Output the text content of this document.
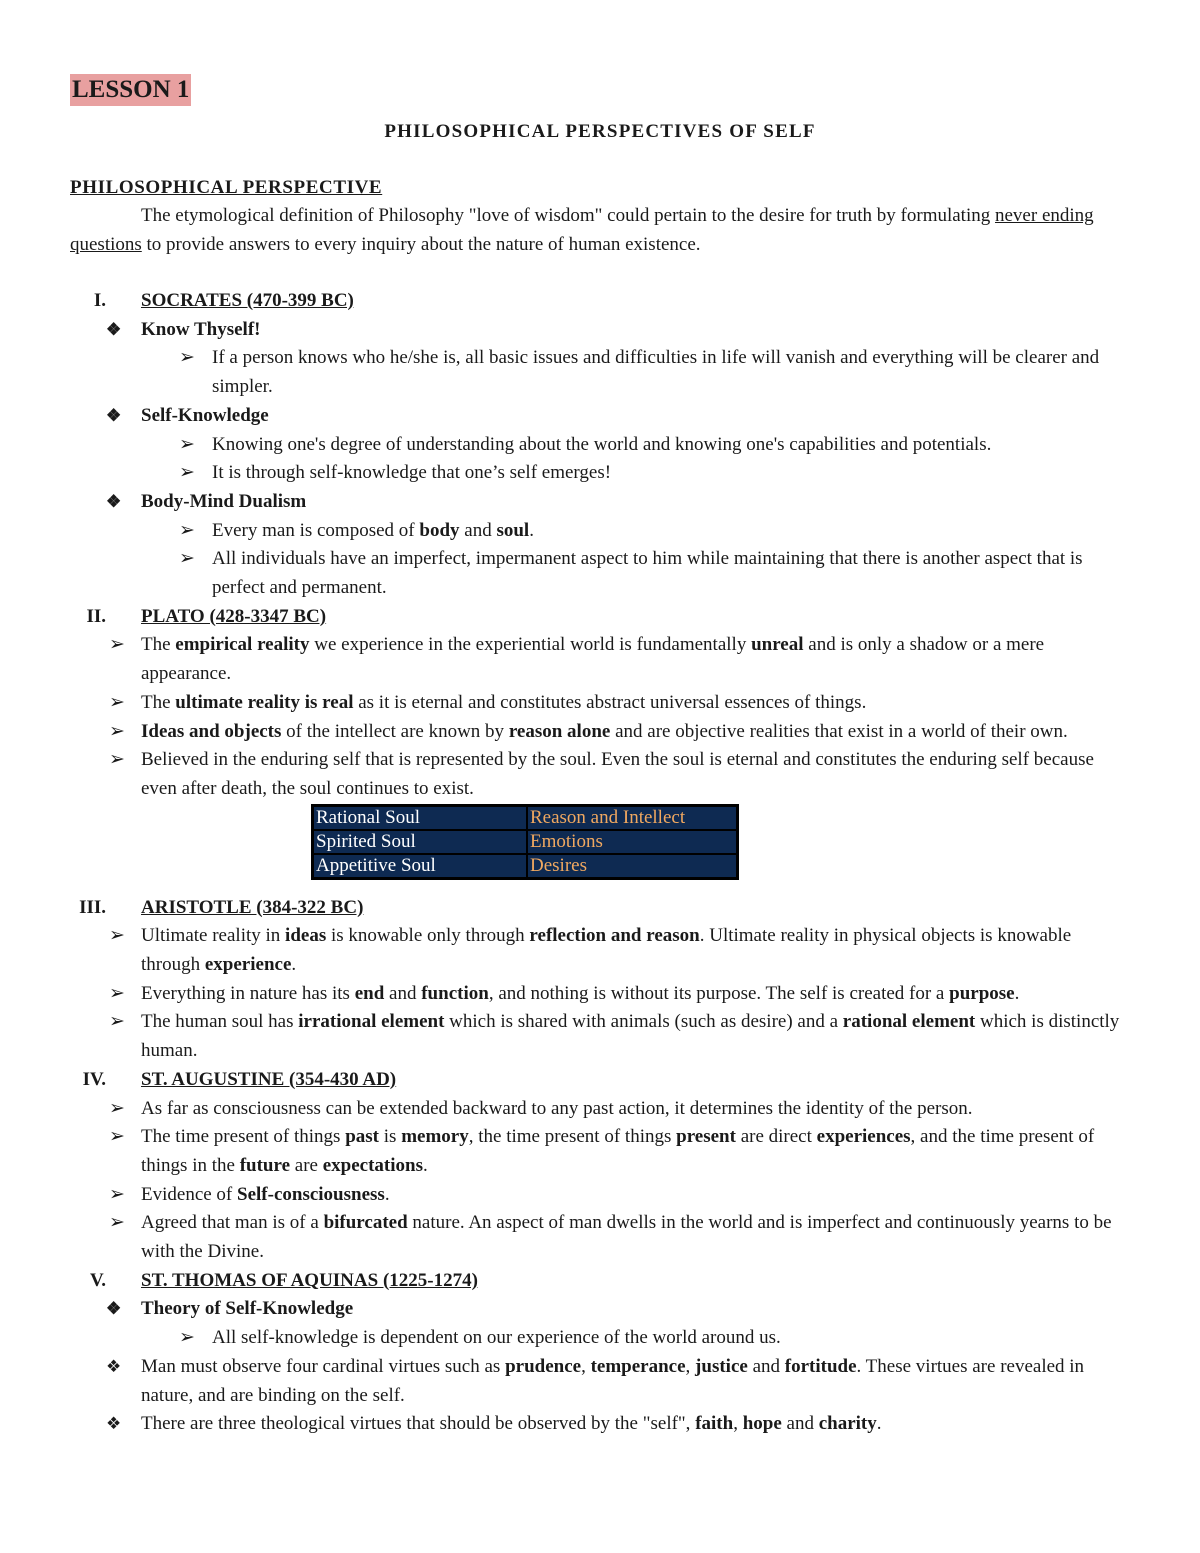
LESSON 1
PHILOSOPHICAL PERSPECTIVES OF SELF
PHILOSOPHICAL PERSPECTIVE
The etymological definition of Philosophy "love of wisdom" could pertain to the desire for truth by formulating never ending questions to provide answers to every inquiry about the nature of human existence.
I. SOCRATES (470-399 BC)
❖ Know Thyself!
➢ If a person knows who he/she is, all basic issues and difficulties in life will vanish and everything will be clearer and simpler.
❖ Self-Knowledge
➢ Knowing one's degree of understanding about the world and knowing one's capabilities and potentials.
➢ It is through self-knowledge that one’s self emerges!
❖ Body-Mind Dualism
➢ Every man is composed of body and soul.
➢ All individuals have an imperfect, impermanent aspect to him while maintaining that there is another aspect that is perfect and permanent.
II. PLATO (428-3347 BC)
➢ The empirical reality we experience in the experiential world is fundamentally unreal and is only a shadow or a mere appearance.
➢ The ultimate reality is real as it is eternal and constitutes abstract universal essences of things.
➢ Ideas and objects of the intellect are known by reason alone and are objective realities that exist in a world of their own.
➢ Believed in the enduring self that is represented by the soul. Even the soul is eternal and constitutes the enduring self because even after death, the soul continues to exist.
Rational Soul	Reason and Intellect
Spirited Soul	Emotions
Appetitive Soul	Desires
III. ARISTOTLE (384-322 BC)
➢ Ultimate reality in ideas is knowable only through reflection and reason. Ultimate reality in physical objects is knowable through experience.
➢ Everything in nature has its end and function, and nothing is without its purpose. The self is created for a purpose.
➢ The human soul has irrational element which is shared with animals (such as desire) and a rational element which is distinctly human.
IV. ST. AUGUSTINE (354-430 AD)
➢ As far as consciousness can be extended backward to any past action, it determines the identity of the person.
➢ The time present of things past is memory, the time present of things present are direct experiences, and the time present of things in the future are expectations.
➢ Evidence of Self-consciousness.
➢ Agreed that man is of a bifurcated nature. An aspect of man dwells in the world and is imperfect and continuously yearns to be with the Divine.
V. ST. THOMAS OF AQUINAS (1225-1274)
❖ Theory of Self-Knowledge
➢ All self-knowledge is dependent on our experience of the world around us.
❖ Man must observe four cardinal virtues such as prudence, temperance, justice and fortitude. These virtues are revealed in nature, and are binding on the self.
❖ There are three theological virtues that should be observed by the "self", faith, hope and charity.
